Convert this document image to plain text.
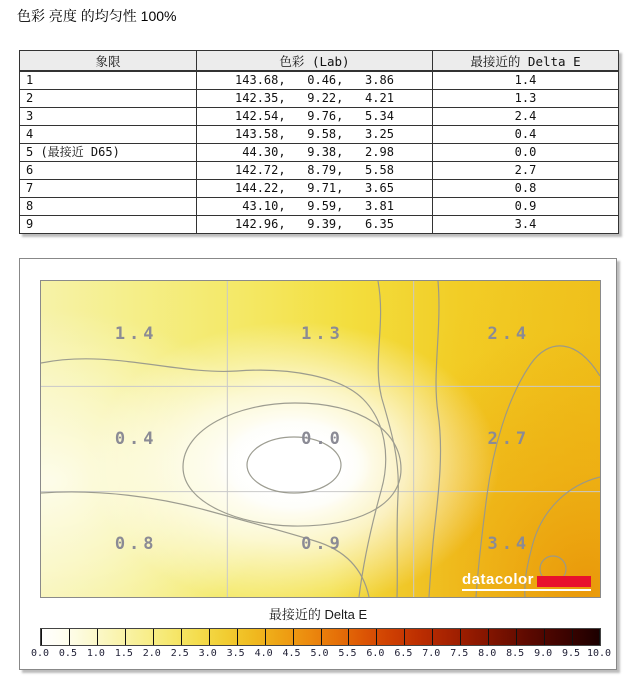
色彩 亮度 的均匀性 100%
象限	色彩 (Lab)	最接近的 Delta E
1	143.68,   0.46,   3.86	1.4
2	142.35,   9.22,   4.21	1.3
3	142.54,   9.76,   5.34	2.4
4	143.58,   9.58,   3.25	0.4
5 (最接近 D65)	44.30,   9.38,   2.98	0.0
6	142.72,   8.79,   5.58	2.7
7	144.22,   9.71,   3.65	0.8
8	43.10,   9.59,   3.81	0.9
9	142.96,   9.39,   6.35	3.4
1.4	1.3	2.4
0.4	0.0	2.7
0.8	0.9	3.4
datacolor
最接近的 Delta E
0.0 0.5 1.0 1.5 2.0 2.5 3.0 3.5 4.0 4.5 5.0 5.5 6.0 6.5 7.0 7.5 8.0 8.5 9.0 9.5 10.0
